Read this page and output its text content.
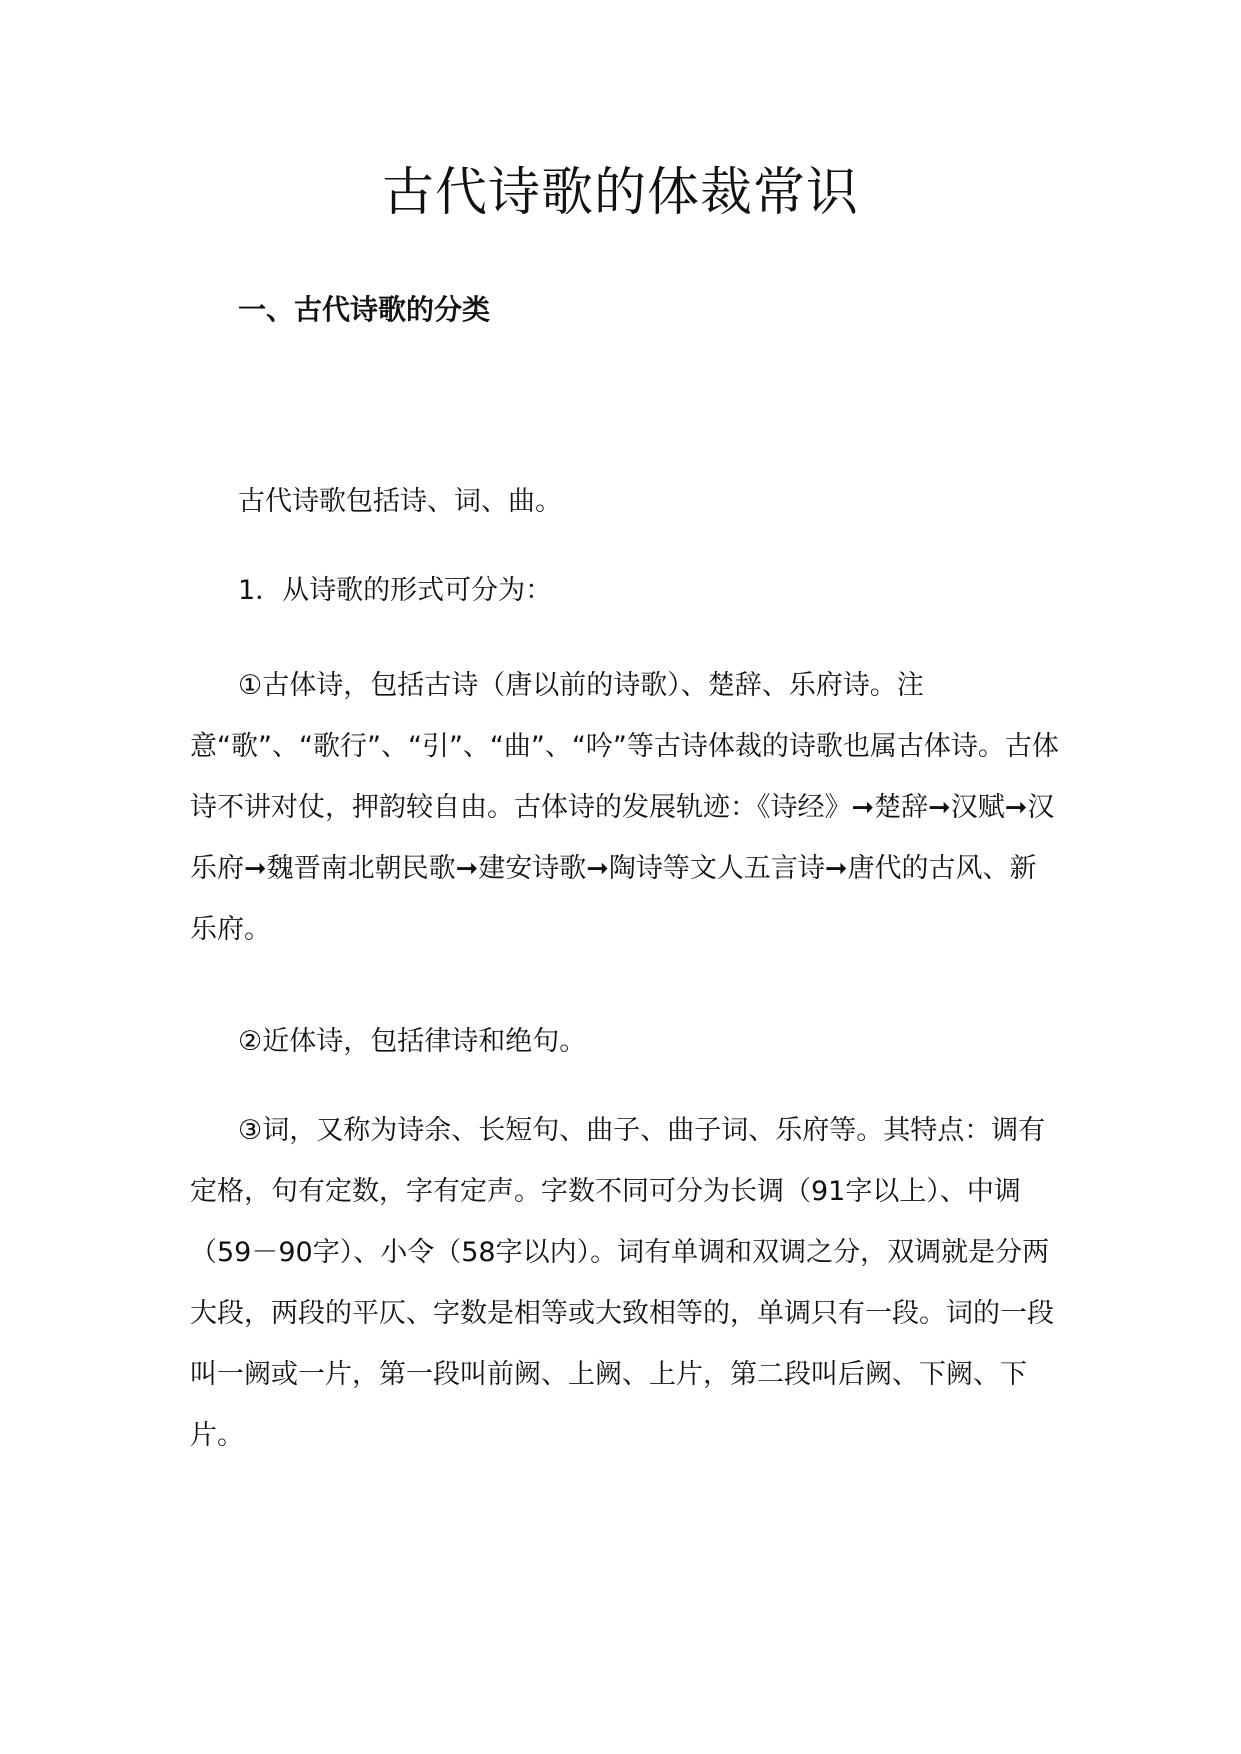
古代诗歌的体裁常识
一、古代诗歌的分类

古代诗歌包括诗、词、曲。

1．从诗歌的形式可分为：

①古体诗，包括古诗（唐以前的诗歌）、楚辞、乐府诗。注意“歌”、“歌行”、“引”、“曲”、“吟”等古诗体裁的诗歌也属古体诗。古体诗不讲对仗，押韵较自由。古体诗的发展轨迹：《诗经》➞楚辞➞汉赋➞汉乐府➞魏晋南北朝民歌➞建安诗歌➞陶诗等文人五言诗➞唐代的古风、新乐府。

②近体诗，包括律诗和绝句。

③词，又称为诗余、长短句、曲子、曲子词、乐府等。其特点：调有定格，句有定数，字有定声。字数不同可分为长调（91字以上）、中调（59－90字）、小令（58字以内）。词有单调和双调之分，双调就是分两大段，两段的平仄、字数是相等或大致相等的，单调只有一段。词的一段叫一阙或一片，第一段叫前阙、上阙、上片，第二段叫后阙、下阙、下片。
